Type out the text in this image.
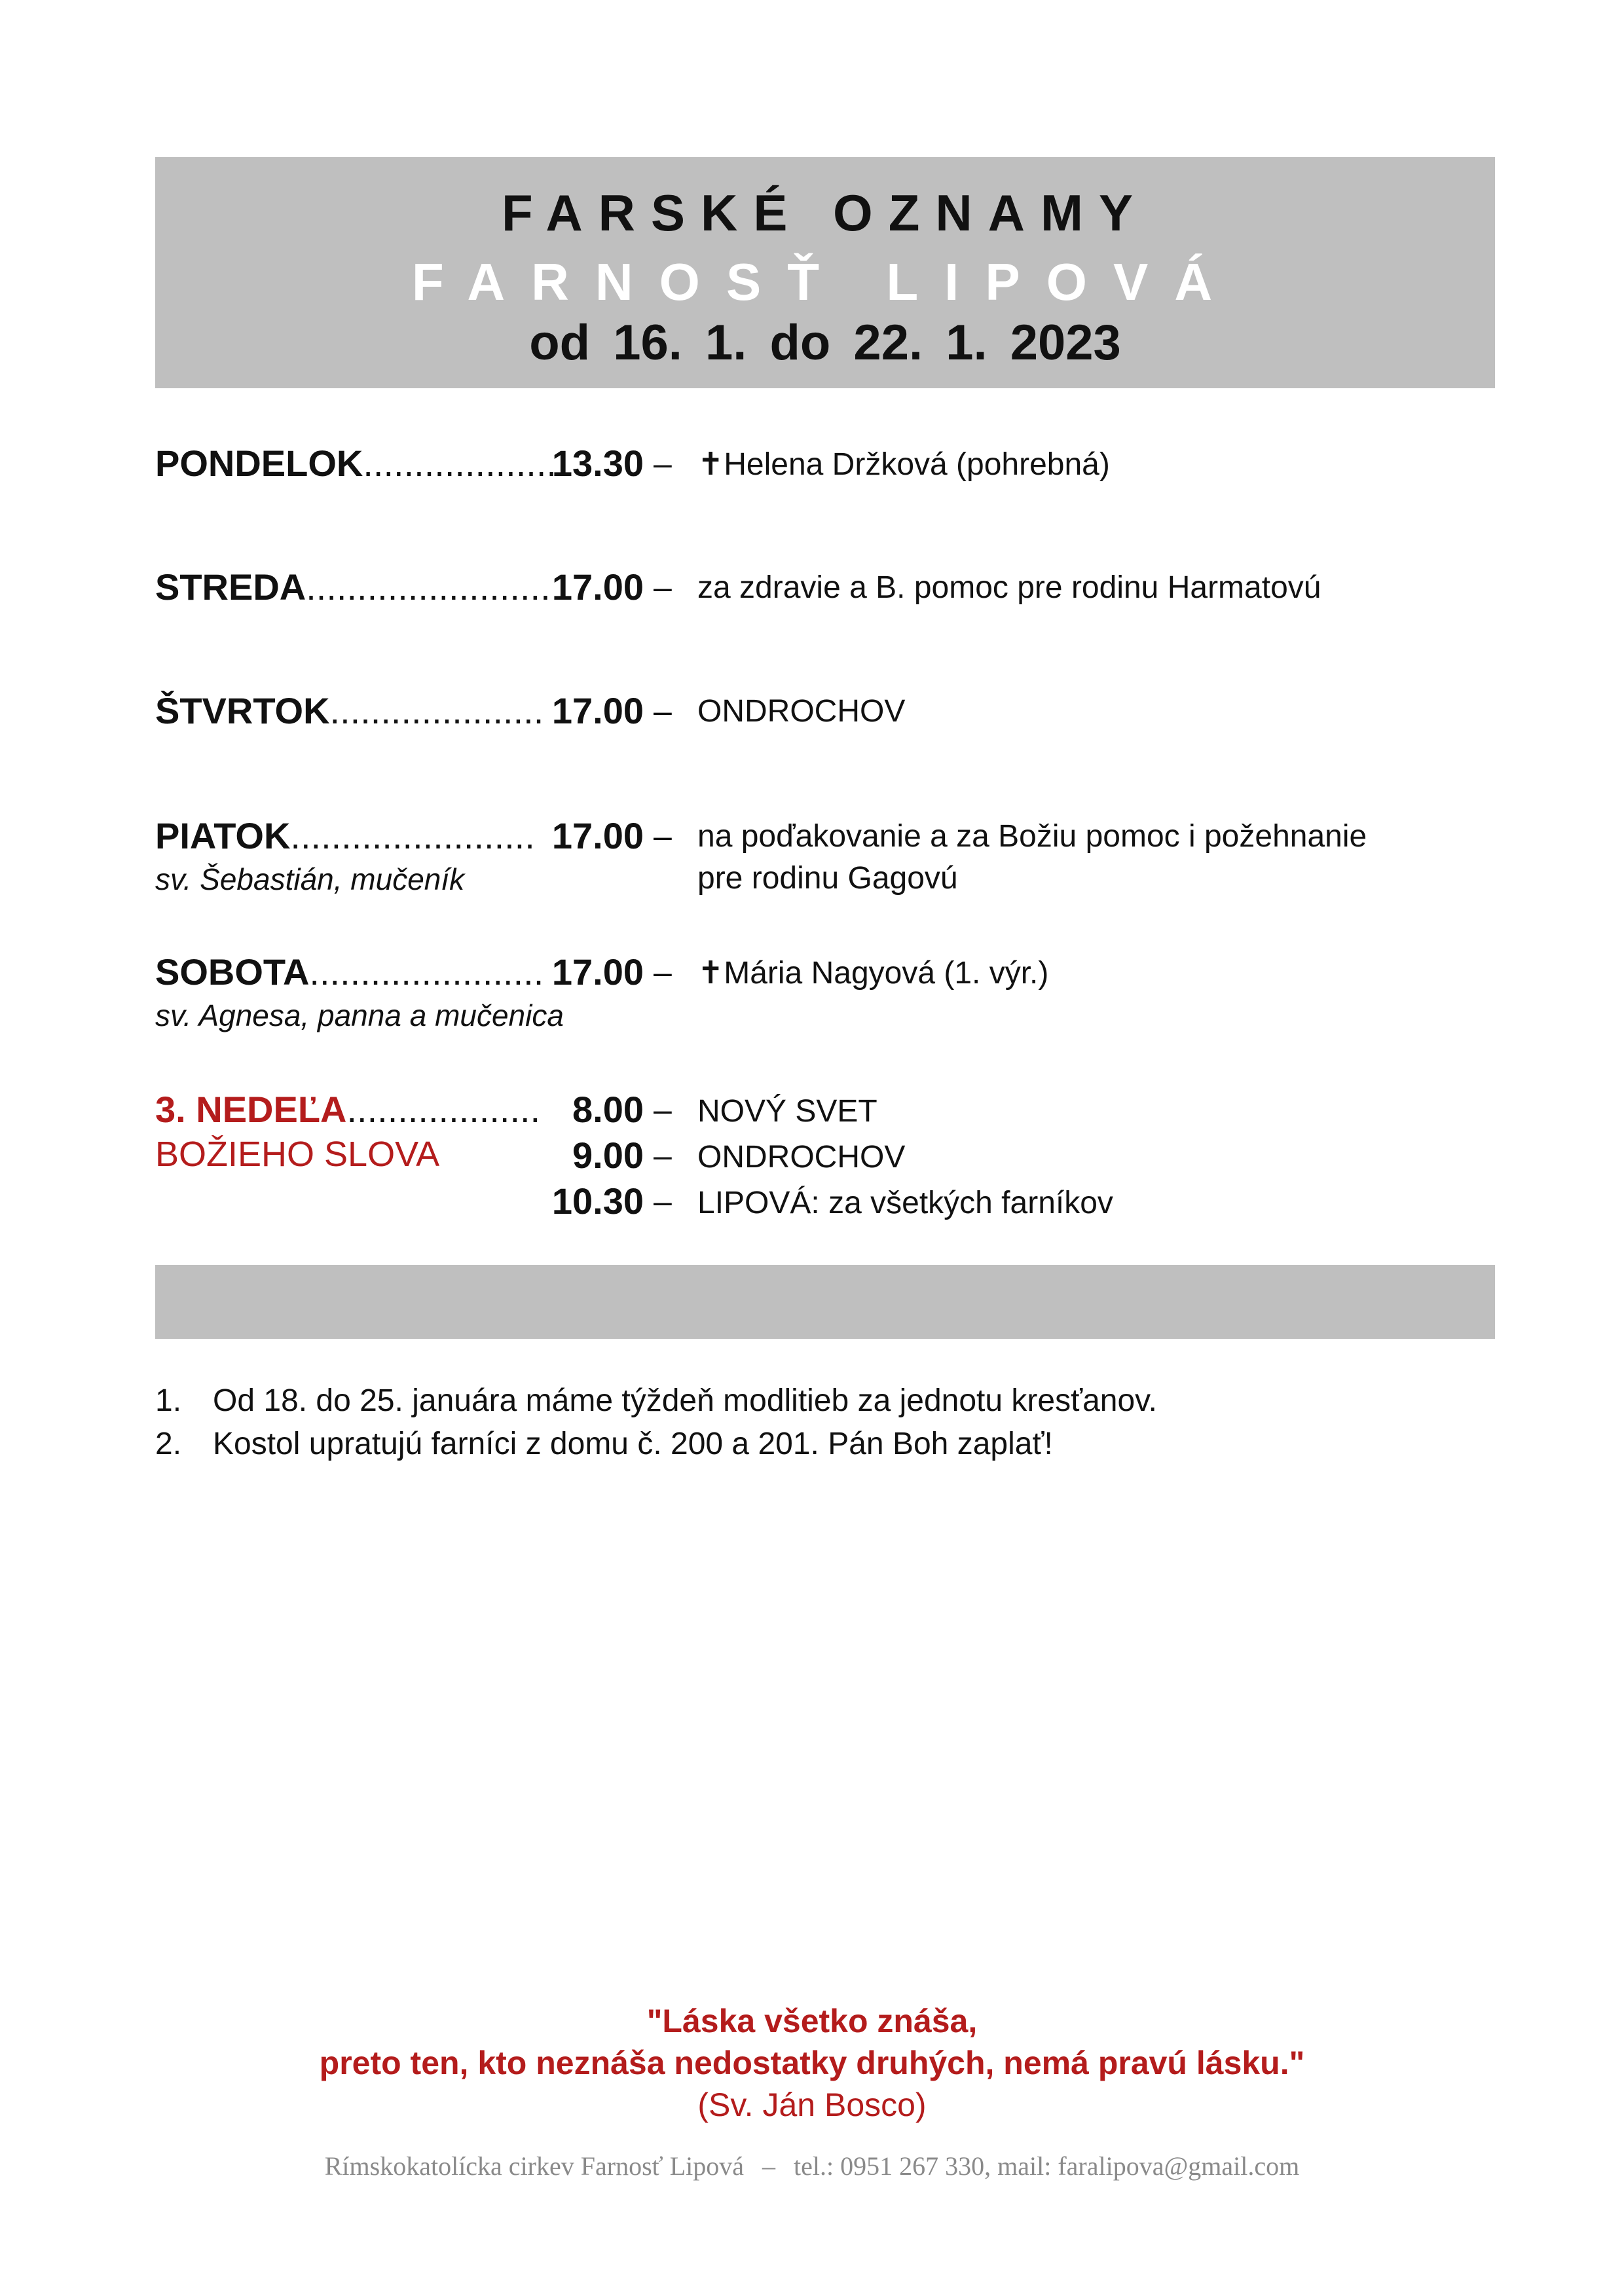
FARSKÉ OZNAMY
FARNOSŤ LIPOVÁ
od 16. 1. do 22. 1. 2023
PONDELOK...................
13.30 – ✝Helena Držková (pohrebná)
STREDA........................ 17.00 – za zdravie a B. pomoc pre rodinu Harmatovú
ŠTVRTOK..................... 17.00 – ONDROCHOV
PIATOK........................ 17.00 – na poďakovanie a za Božiu pomoc i požehnanie
sv. Šebastián, mučeník	pre rodinu Gagovú
SOBOTA....................... 17.00 – ✝Mária Nagyová (1. výr.)
sv. Agnesa, panna a mučenica
3. NEDEĽA...................
BOŽIEHO SLOVA
8.00 – NOVÝ SVET
9.00 – ONDROCHOV
10.30 – LIPOVÁ: za všetkých farníkov
1. Od 18. do 25. januára máme týždeň modlitieb za jednotu kresťanov.
2. Kostol upratujú farníci z domu č. 200 a 201. Pán Boh zaplať!
"Láska všetko znáša,
preto ten, kto neznáša nedostatky druhých, nemá pravú lásku."
(Sv. Ján Bosco)
Rímskokatolícka cirkev Farnosť Lipová – tel.: 0951 267 330, mail: faralipova@gmail.com
